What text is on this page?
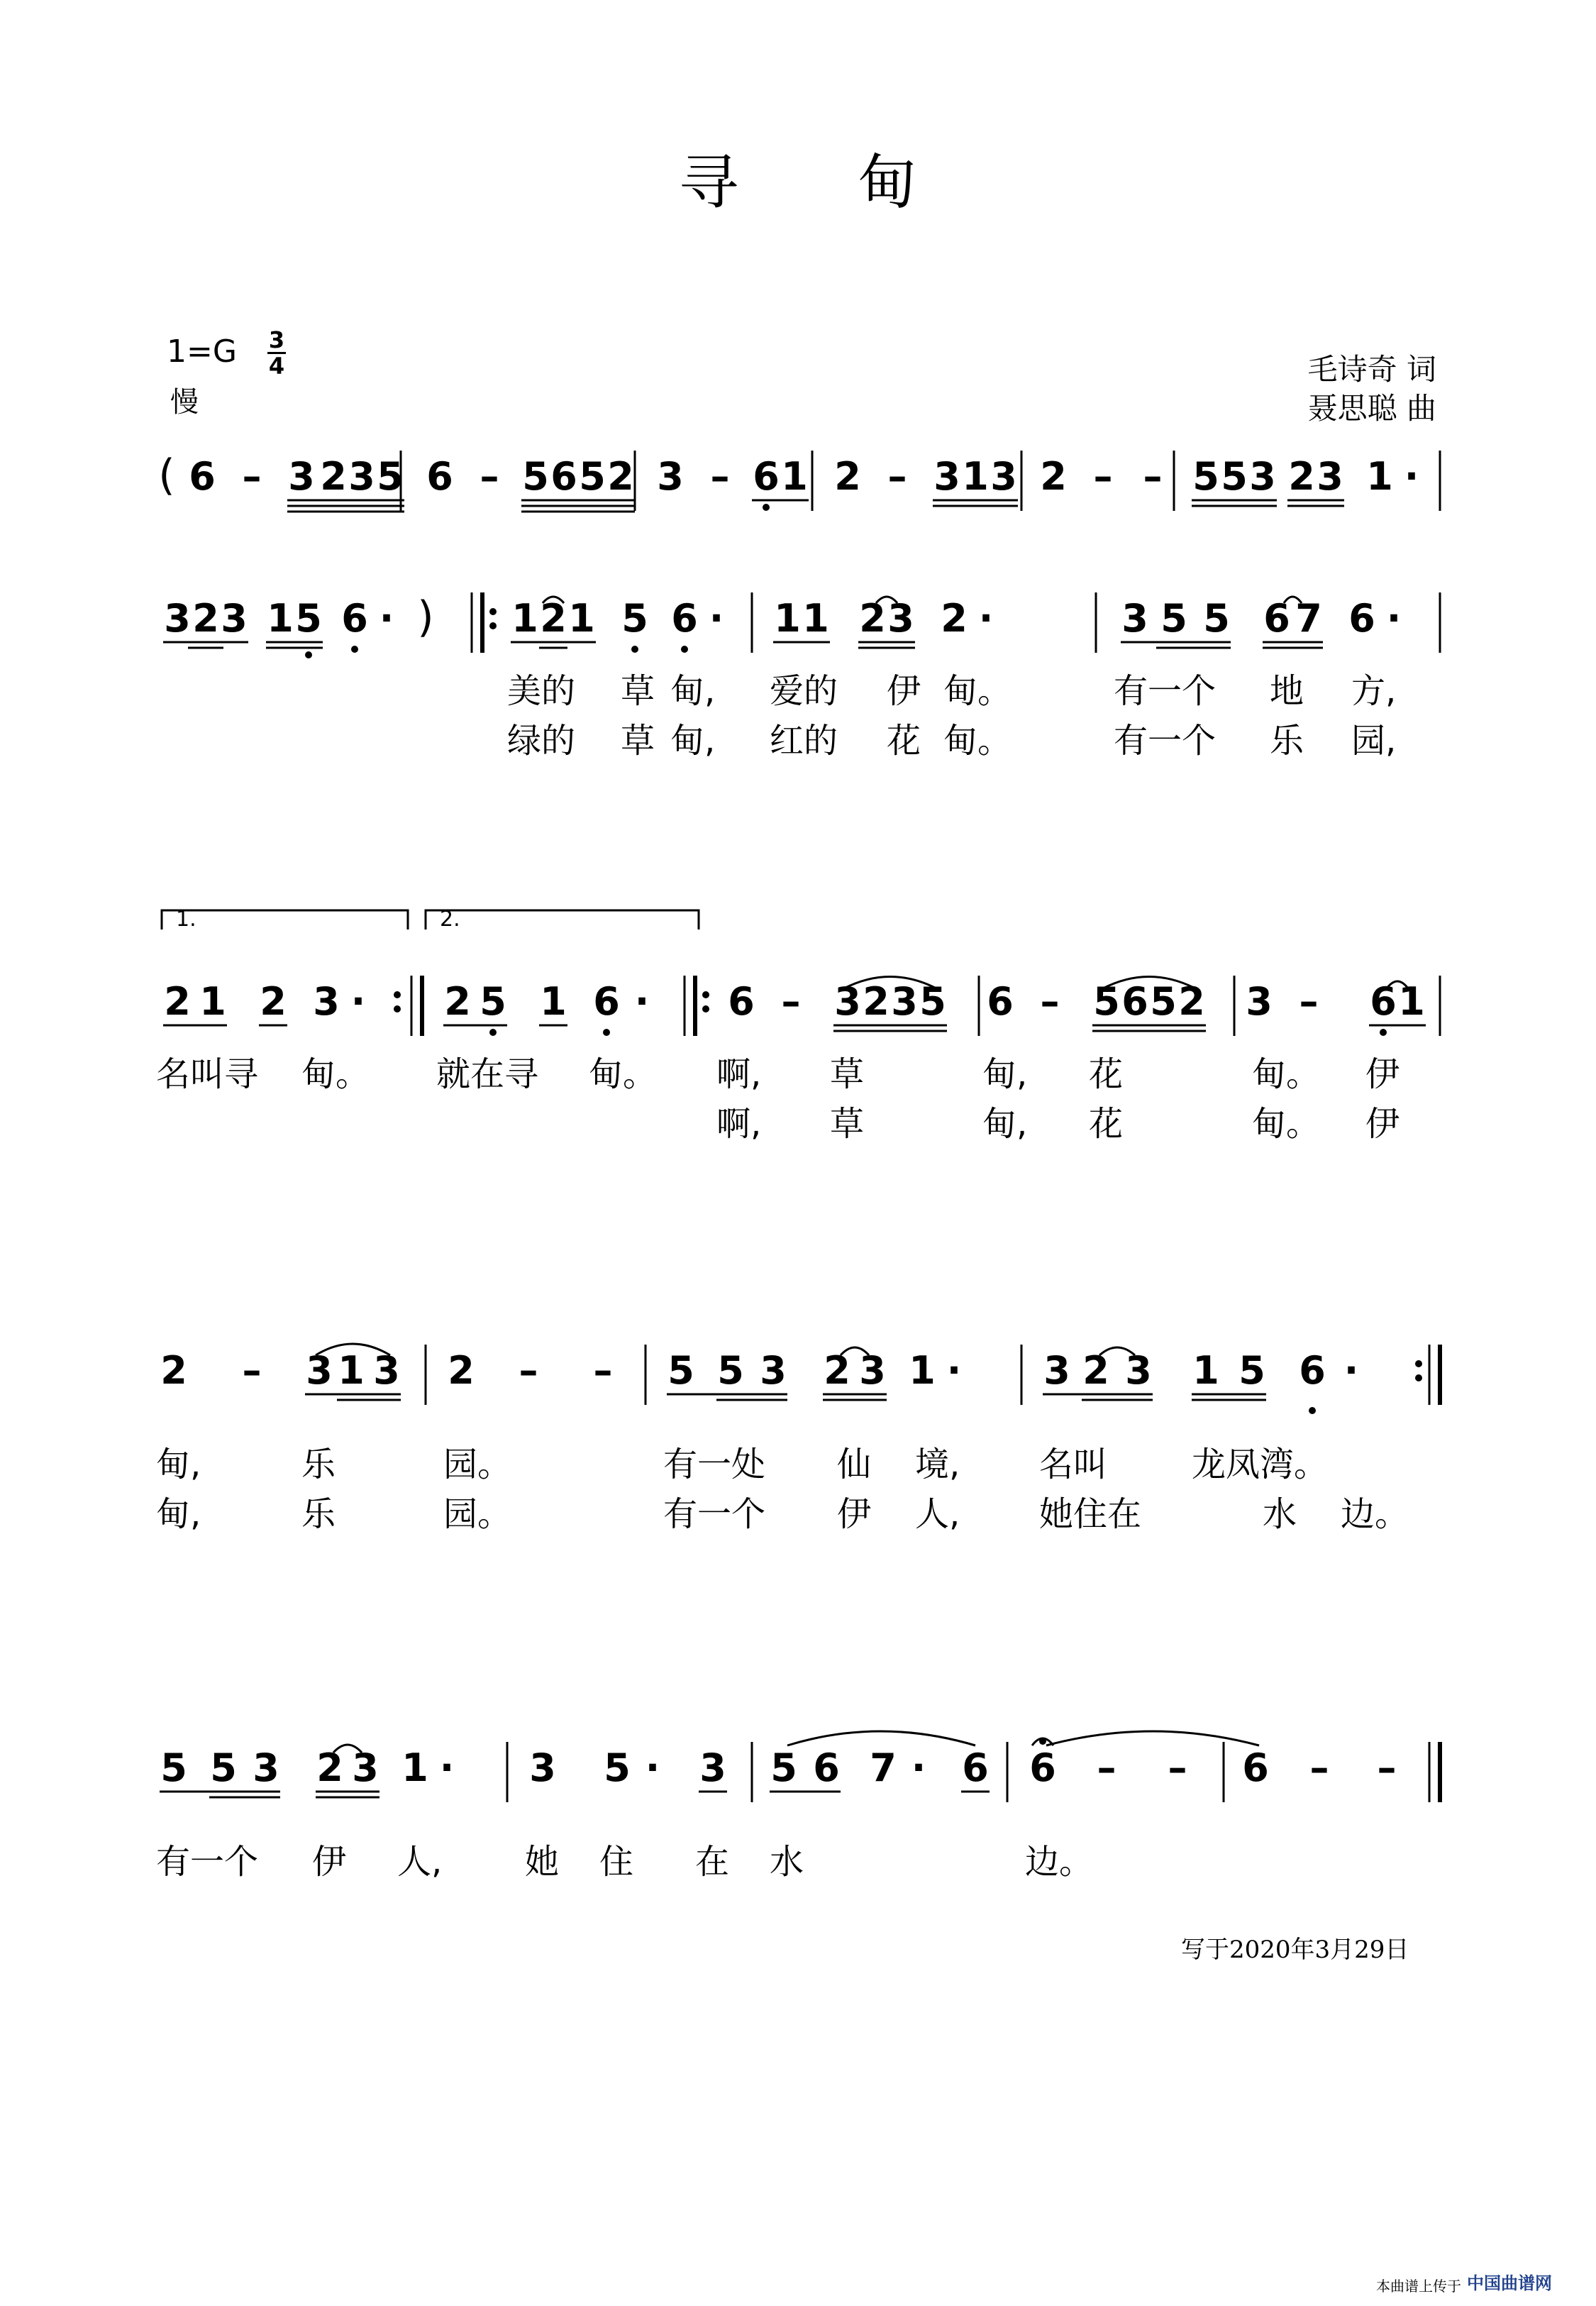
寻　　甸
1=G 3
4
慢
毛诗奇 词
聂思聪 曲
( 6 – 3 2 3 5 6 – 5 6 5 2 3 – 6 1 2 – 3 1 3 2 – – 5 5 3 2 3 1 ·
3 2 3 1 5 6 · ) 1 2 1 5 6 · 1 1 2 3 2 ·	3 5 5 6 7 6 ·
美的 草 甸, 爱的 伊 甸。	有一个 地 方,
绿的 草 甸, 红的 花 甸。	有一个 乐 园,
1.	2.
2 1 2 3 · 2 5 1 6 · 6 – 3 2 3 5 6 – 5 6 5 2 3 – 6 1
名叫寻 甸。 就在寻 甸。 啊, 草	甸, 花	甸。 伊
啊, 草	甸, 花	甸。 伊
2 – 3 1 3 2 – – 5 5 3 2 3 1 · 3 2 3 1 5 6 ·
甸,	乐	园。	有一处 仙 境, 名叫 龙凤湾。
甸,	乐	园。	有一个 伊 人, 她住在	水 边。
5 5 3 2 3 1 · 3 5 · 3 5 6 7 · 6 6 – – 6 – –
有一个 伊 人, 她 住 在 水	边。
写于2020年3月29日
本曲谱上传于 中国曲谱网
